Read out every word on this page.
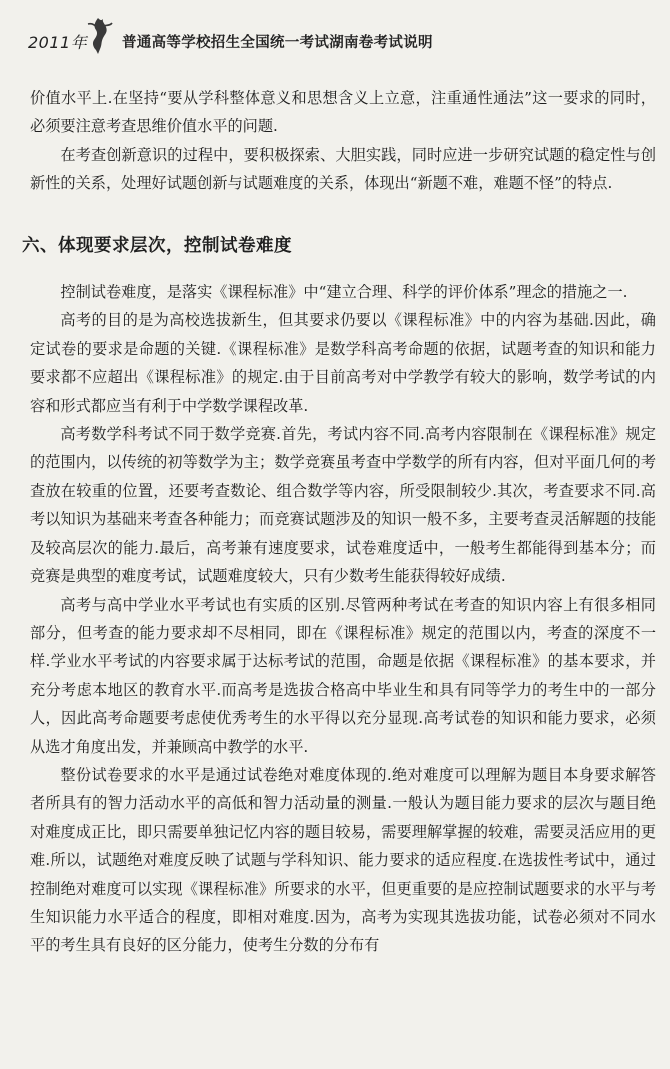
2011年 普通高等学校招生全国统一考试湖南卷考试说明

价值水平上.在坚持“要从学科整体意义和思想含义上立意，注重通性通法”这一要求的同时，必须要注意考查思维价值水平的问题.

在考查创新意识的过程中，要积极探索、大胆实践，同时应进一步研究试题的稳定性与创新性的关系，处理好试题创新与试题难度的关系，体现出“新题不难，难题不怪”的特点.

六、体现要求层次，控制试卷难度

控制试卷难度，是落实《课程标准》中“建立合理、科学的评价体系”理念的措施之一.

高考的目的是为高校选拔新生，但其要求仍要以《课程标准》中的内容为基础.因此，确定试卷的要求是命题的关键.《课程标准》是数学科高考命题的依据，试题考查的知识和能力要求都不应超出《课程标准》的规定.由于目前高考对中学教学有较大的影响，数学考试的内容和形式都应当有利于中学数学课程改革.

高考数学科考试不同于数学竞赛.首先，考试内容不同.高考内容限制在《课程标准》规定的范围内，以传统的初等数学为主；数学竞赛虽考查中学数学的所有内容，但对平面几何的考查放在较重的位置，还要考查数论、组合数学等内容，所受限制较少.其次，考查要求不同.高考以知识为基础来考查各种能力；而竞赛试题涉及的知识一般不多，主要考查灵活解题的技能及较高层次的能力.最后，高考兼有速度要求，试卷难度适中，一般考生都能得到基本分；而竞赛是典型的难度考试，试题难度较大，只有少数考生能获得较好成绩.

高考与高中学业水平考试也有实质的区别.尽管两种考试在考查的知识内容上有很多相同部分，但考查的能力要求却不尽相同，即在《课程标准》规定的范围以内，考查的深度不一样.学业水平考试的内容要求属于达标考试的范围，命题是依据《课程标准》的基本要求，并充分考虑本地区的教育水平.而高考是选拔合格高中毕业生和具有同等学力的考生中的一部分人，因此高考命题要考虑使优秀考生的水平得以充分显现.高考试卷的知识和能力要求，必须从选才角度出发，并兼顾高中教学的水平.

整份试卷要求的水平是通过试卷绝对难度体现的.绝对难度可以理解为题目本身要求解答者所具有的智力活动水平的高低和智力活动量的测量.一般认为题目能力要求的层次与题目绝对难度成正比，即只需要单独记忆内容的题目较易，需要理解掌握的较难，需要灵活应用的更难.所以，试题绝对难度反映了试题与学科知识、能力要求的适应程度.在选拔性考试中，通过控制绝对难度可以实现《课程标准》所要求的水平，但更重要的是应控制试题要求的水平与考生知识能力水平适合的程度，即相对难度.因为，高考为实现其选拔功能，试卷必须对不同水平的考生具有良好的区分能力，使考生分数的分布有
